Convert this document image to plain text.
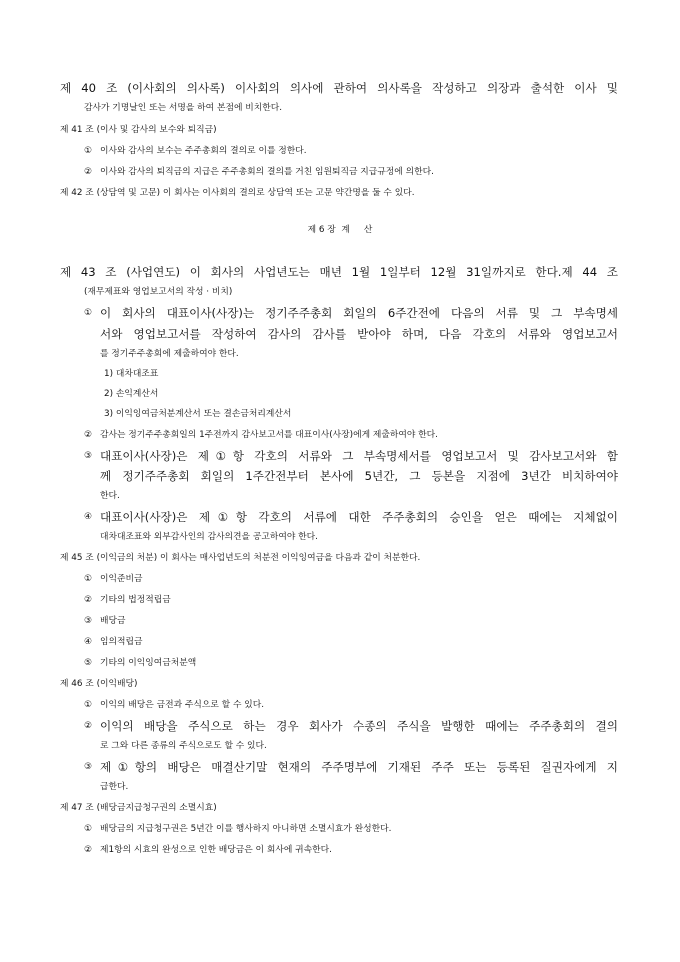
제 40 조 (이사회의 의사록) 이사회의 의사에 관하여 의사록을 작성하고 의장과 출석한 이사 및
감사가 기명날인 또는 서명을 하여 본점에 비치한다.
제 41 조 (이사 및 감사의 보수와 퇴직금)
① 이사와 감사의 보수는 주주총회의 결의로 이를 정한다.
② 이사와 감사의 퇴직금의 지급은 주주총회의 결의를 거친 임원퇴직금 지급규정에 의한다.
제 42 조 (상담역 및 고문) 이 회사는 이사회의 결의로 상담역 또는 고문 약간명을 둘 수 있다.
제 6 장  계     산
제 43 조 (사업연도) 이 회사의 사업년도는 매년 1월 1일부터 12월 31일까지로 한다.제 44 조
(재무제표와 영업보고서의 작성 · 비치)
① 이 회사의 대표이사(사장)는 정기주주총회 회일의 6주간전에 다음의 서류 및 그 부속명세
서와 영업보고서를 작성하여 감사의 감사를 받아야 하며, 다음 각호의 서류와 영업보고서
를 정기주주총회에 제출하여야 한다.
1) 대차대조표
2) 손익계산서
3) 이익잉여금처분계산서 또는 결손금처리계산서
② 감사는 정기주주총회일의 1주전까지 감사보고서를 대표이사(사장)에게 제출하여야 한다.
③ 대표이사(사장)은 제①항 각호의 서류와 그 부속명세서를 영업보고서 및 감사보고서와 함
께 정기주주총회 회일의 1주간전부터 본사에 5년간, 그 등본을 지점에 3년간 비치하여야
한다.
④ 대표이사(사장)은 제①항 각호의 서류에 대한 주주총회의 승인을 얻은 때에는 지체없이
대차대조표와 외부감사인의 감사의견을 공고하여야 한다.
제 45 조 (이익금의 처분) 이 회사는 매사업년도의 처분전 이익잉여금을 다음과 같이 처분한다.
① 이익준비금
② 기타의 법정적립금
③ 배당금
④ 임의적립금
⑤ 기타의 이익잉여금처분액
제 46 조 (이익배당)
① 이익의 배당은 금전과 주식으로 할 수 있다.
② 이익의 배당을 주식으로 하는 경우 회사가 수종의 주식을 발행한 때에는 주주총회의 결의
로 그와 다른 종류의 주식으로도 할 수 있다.
③ 제①항의 배당은 매결산기말 현재의 주주명부에 기재된 주주 또는 등록된 질권자에게 지
급한다.
제 47 조 (배당금지급청구권의 소멸시효)
① 배당금의 지급청구권은 5년간 이를 행사하지 아니하면 소멸시효가 완성한다.
② 제1항의 시효의 완성으로 인한 배당금은 이 회사에 귀속한다.
